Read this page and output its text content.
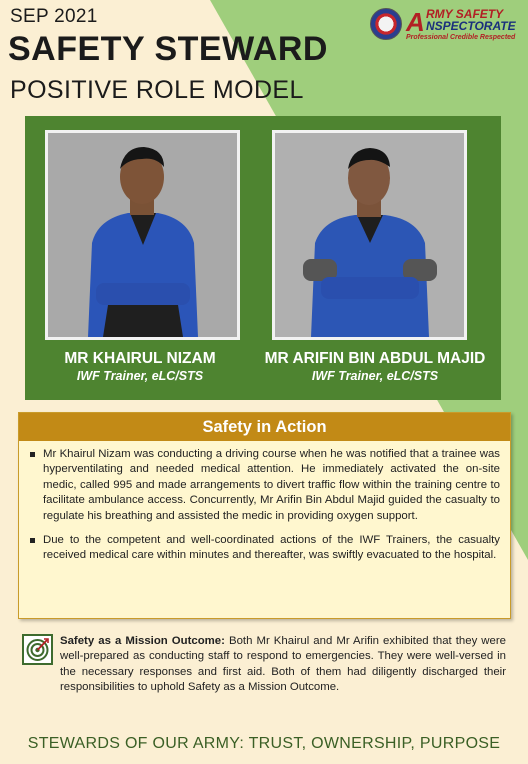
SEP 2021
SAFETY STEWARD
POSITIVE ROLE MODEL
A RMY SAFETY
NSPECTORATE
Professional Credible Respected
MR KHAIRUL NIZAM
IWF Trainer, eLC/STS
MR ARIFIN BIN ABDUL MAJID
IWF Trainer, eLC/STS
Safety in Action
Mr Khairul Nizam was conducting a driving course when he was notified that a trainee was hyperventilating and needed medical attention. He immediately activated the on-site medic, called 995 and made arrangements to divert traffic flow within the training centre to facilitate ambulance access. Concurrently, Mr Arifin Bin Abdul Majid guided the casualty to regulate his breathing and assisted the medic in providing oxygen support.
Due to the competent and well-coordinated actions of the IWF Trainers, the casualty received medical care within minutes and thereafter, was swiftly evacuated to the hospital.
Safety as a Mission Outcome: Both Mr Khairul and Mr Arifin exhibited that they were well-prepared as conducting staff to respond to emergencies. They were well-versed in the necessary responses and first aid. Both of them had diligently discharged their responsibilities to uphold Safety as a Mission Outcome.
STEWARDS OF OUR ARMY: TRUST, OWNERSHIP, PURPOSE
